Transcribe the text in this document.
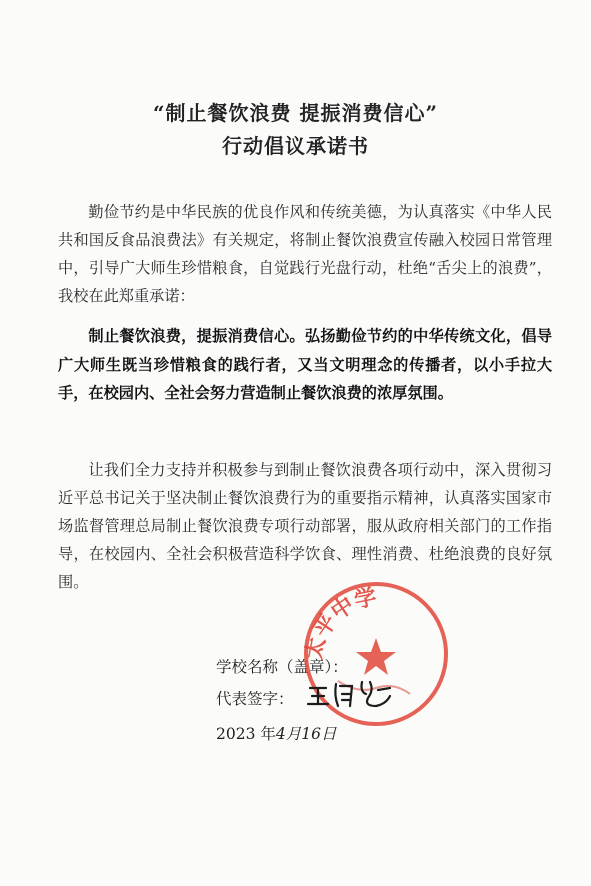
“制止餐饮浪费 提振消费信心”
行动倡议承诺书
勤俭节约是中华民族的优良作风和传统美德，为认真落实《中华人民共和国反食品浪费法》有关规定，将制止餐饮浪费宣传融入校园日常管理中，引导广大师生珍惜粮食，自觉践行光盘行动，杜绝“舌尖上的浪费”，我校在此郑重承诺：
制止餐饮浪费，提振消费信心。弘扬勤俭节约的中华传统文化，倡导广大师生既当珍惜粮食的践行者，又当文明理念的传播者，以小手拉大手，在校园内、全社会努力营造制止餐饮浪费的浓厚氛围。
让我们全力支持并积极参与到制止餐饮浪费各项行动中，深入贯彻习近平总书记关于坚决制止餐饮浪费行为的重要指示精神，认真落实国家市场监督管理总局制止餐饮浪费专项行动部署，服从政府相关部门的工作指导，在校园内、全社会积极营造科学饮食、理性消费、杜绝浪费的良好氛围。
学校名称（盖章）：
代表签字：
2023 年4月16日
太平中学
